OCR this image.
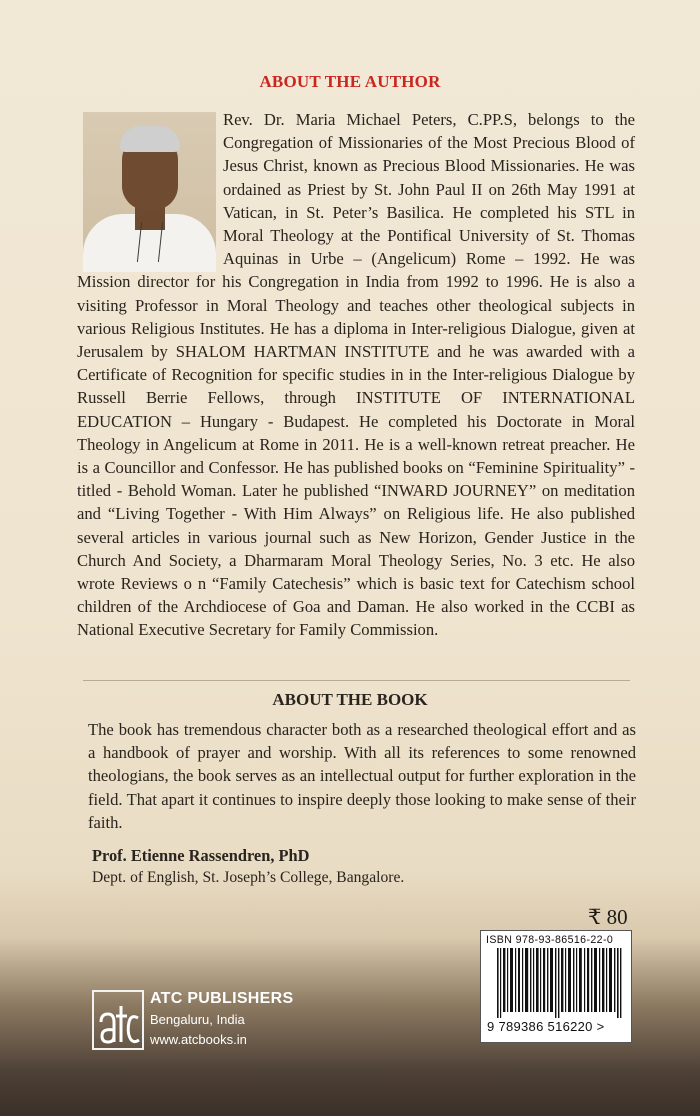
ABOUT THE AUTHOR
Rev. Dr. Maria Michael Peters, C.PP.S, belongs to the Congregation of Missionaries of the Most Precious Blood of Jesus Christ, known as Precious Blood Missionaries. He was ordained as Priest by St. John Paul II on 26th May 1991 at Vatican, in St. Peter’s Basilica. He completed his STL in Moral Theology at the Pontifical University of St. Thomas Aquinas in Urbe – (Angelicum) Rome – 1992. He was Mission director for his Congregation in India from 1992 to 1996. He is also a visiting Professor in Moral Theology and teaches other theological subjects in various Religious Institutes. He has a diploma in Inter-religious Dialogue, given at Jerusalem by SHALOM HARTMAN INSTITUTE and he was awarded with a Certificate of Recognition for specific studies in in the Inter-religious Dialogue by Russell Berrie Fellows, through INSTITUTE OF INTERNATIONAL EDUCATION – Hungary - Budapest. He completed his Doctorate in Moral Theology in Angelicum at Rome in 2011. He is a well-known retreat preacher. He is a Councillor and Confessor. He has published books on “Feminine Spirituality” - titled - Behold Woman. Later he published “INWARD JOURNEY” on meditation and “Living Together - With Him Always” on Religious life. He also published several articles in various journal such as New Horizon, Gender Justice in the Church And Society, a Dharmaram Moral Theology Series, No. 3 etc. He also wrote Reviews o n “Family Catechesis” which is basic text for Catechism school children of the Archdiocese of Goa and Daman. He also worked in the CCBI as National Executive Secretary for Family Commission.
ABOUT THE BOOK
The book has tremendous character both as a researched theological effort and as a handbook of prayer and worship. With all its references to some renowned theologians, the book serves as an intellectual output for further exploration in the field. That apart it continues to inspire deeply those looking to make sense of their faith.
Prof. Etienne Rassendren, PhD
Dept. of English, St. Joseph’s College, Bangalore.
₹ 80
ISBN 978-93-86516-22-0
9 789386 516220 >
ATC PUBLISHERS
Bengaluru, India
www.atcbooks.in
